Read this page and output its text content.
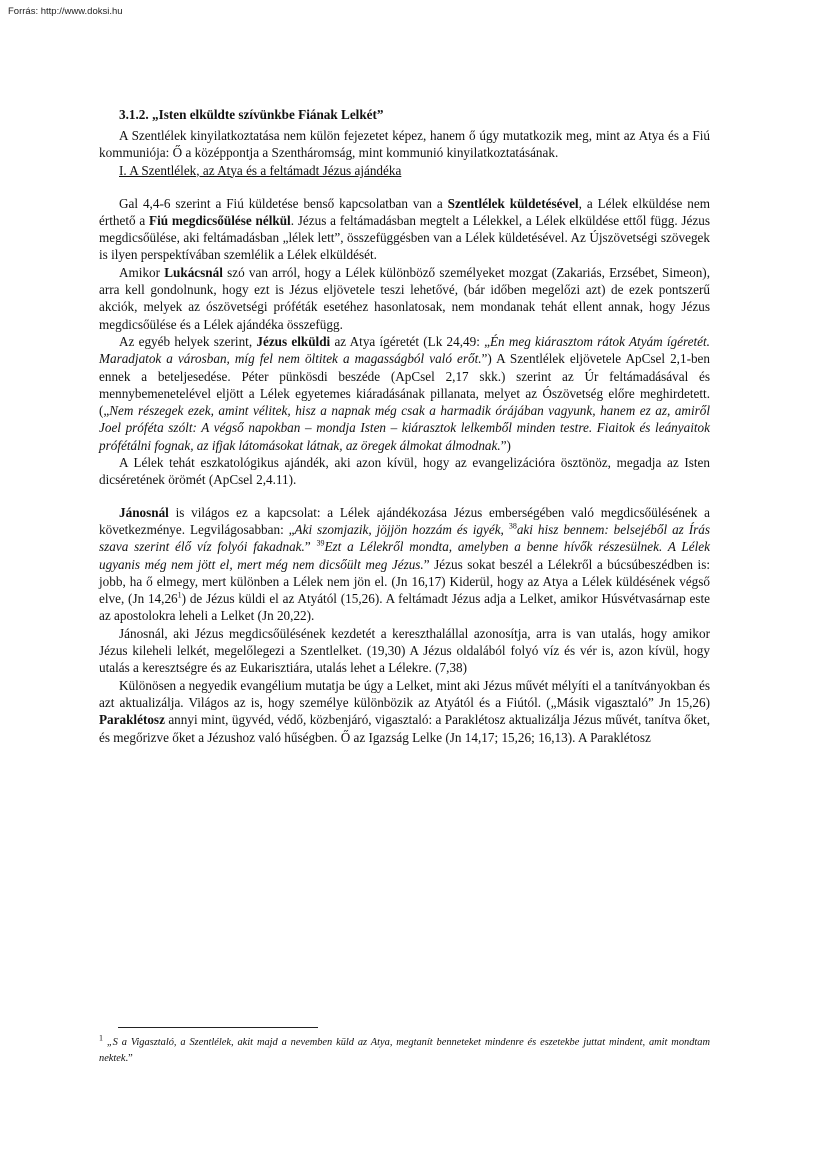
Forrás: http://www.doksi.hu
3.1.2. „Isten elküldte szívünkbe Fiának Lelkét”

A Szentlélek kinyilatkoztatása nem külön fejezetet képez, hanem ő úgy mutatkozik meg, mint az Atya és a Fiú kommuniója: Ő a középpontja a Szentháromság, mint kommunió kinyilatkoztatásának.

I. A Szentlélek, az Atya és a feltámadt Jézus ajándéka

Gal 4,4-6 szerint a Fiú küldetése benső kapcsolatban van a Szentlélek küldetésével, a Lélek elküldése nem érthető a Fiú megdicsőülése nélkül. Jézus a feltámadásban megtelt a Lélekkel, a Lélek elküldése ettől függ. Jézus megdicsőülése, aki feltámadásban „lélek lett”, összefüggésben van a Lélek küldetésével. Az Újszövetségi szövegek is ilyen perspektívában szemlélik a Lélek elküldését.

Amikor Lukácsnál szó van arról, hogy a Lélek különböző személyeket mozgat (Zakariás, Erzsébet, Simeon), arra kell gondolnunk, hogy ezt is Jézus eljövetele teszi lehetővé, (bár időben megelőzi azt) de ezek pontszerű akciók, melyek az ószövetségi próféták esetéhez hasonlatosak, nem mondanak tehát ellent annak, hogy Jézus megdicsőülése és a Lélek ajándéka összefügg.

Az egyéb helyek szerint, Jézus elküldi az Atya ígéretét (Lk 24,49: „Én meg kiárasztom rátok Atyám ígéretét. Maradjatok a városban, míg fel nem öltitek a magasságból való erőt.”) A Szentlélek eljövetele ApCsel 2,1-ben ennek a beteljesedése. Péter pünkösdi beszéde (ApCsel 2,17 skk.) szerint az Úr feltámadásával és mennybemenetelével eljött a Lélek egyetemes kiáradásának pillanata, melyet az Ószövetség előre meghirdetett. („Nem részegek ezek, amint vélitek, hisz a napnak még csak a harmadik órájában vagyunk, hanem ez az, amiről Joel próféta szólt: A végső napokban – mondja Isten – kiárasztok lelkemből minden testre. Fiaitok és leányaitok prófétálni fognak, az ifjak látomásokat látnak, az öregek álmokat álmodnak.”)

A Lélek tehát eszkatológikus ajándék, aki azon kívül, hogy az evangelizációra ösztönöz, megadja az Isten dicséretének örömét (ApCsel 2,4.11).

Jánosnál is világos ez a kapcsolat: a Lélek ajándékozása Jézus emberségében való megdicsőülésének a következménye. Legvilágosabban: „Aki szomjazik, jöjjön hozzám és igyék, $^{38}$aki hisz bennem: belsejéből az Írás szava szerint élő víz folyói fakadnak.” $^{39}$Ezt a Lélekről mondta, amelyben a benne hívők részesülnek. A Lélek ugyanis még nem jött el, mert még nem dicsőült meg Jézus.” Jézus sokat beszél a Lélekről a búcsúbeszédben is: jobb, ha ő elmegy, mert különben a Lélek nem jön el. (Jn 16,17) Kiderül, hogy az Atya a Lélek küldésének végső elve, (Jn 14,26$^1$) de Jézus küldi el az Atyától (15,26). A feltámadt Jézus adja a Lelket, amikor Húsvétvasárnap este az apostolokra leheli a Lelket (Jn 20,22).

Jánosnál, aki Jézus megdicsőülésének kezdetét a kereszthalállal azonosítja, arra is van utalás, hogy amikor Jézus kileheli lelkét, megelőlegezi a Szentlelket. (19,30) A Jézus oldalából folyó víz és vér is, azon kívül, hogy utalás a keresztségre és az Eukarisztiára, utalás lehet a Lélekre. (7,38)

Különösen a negyedik evangélium mutatja be úgy a Lelket, mint aki Jézus művét mélyíti el a tanítványokban és azt aktualizálja. Világos az is, hogy személye különbözik az Atyától és a Fiútól. („Másik vigasztaló” Jn 15,26) Paraklétosz annyi mint, ügyvéd, védő, közbenjáró, vigasztaló: a Paraklétosz aktualizálja Jézus művét, tanítva őket, és megőrizve őket a Jézushoz való hűségben. Ő az Igazság Lelke (Jn 14,17; 15,26; 16,13). A Paraklétosz

$^1$ „S a Vigasztaló, a Szentlélek, akit majd a nevemben küld az Atya, megtanít benneteket mindenre és eszetekbe juttat mindent, amit mondtam nektek.”
